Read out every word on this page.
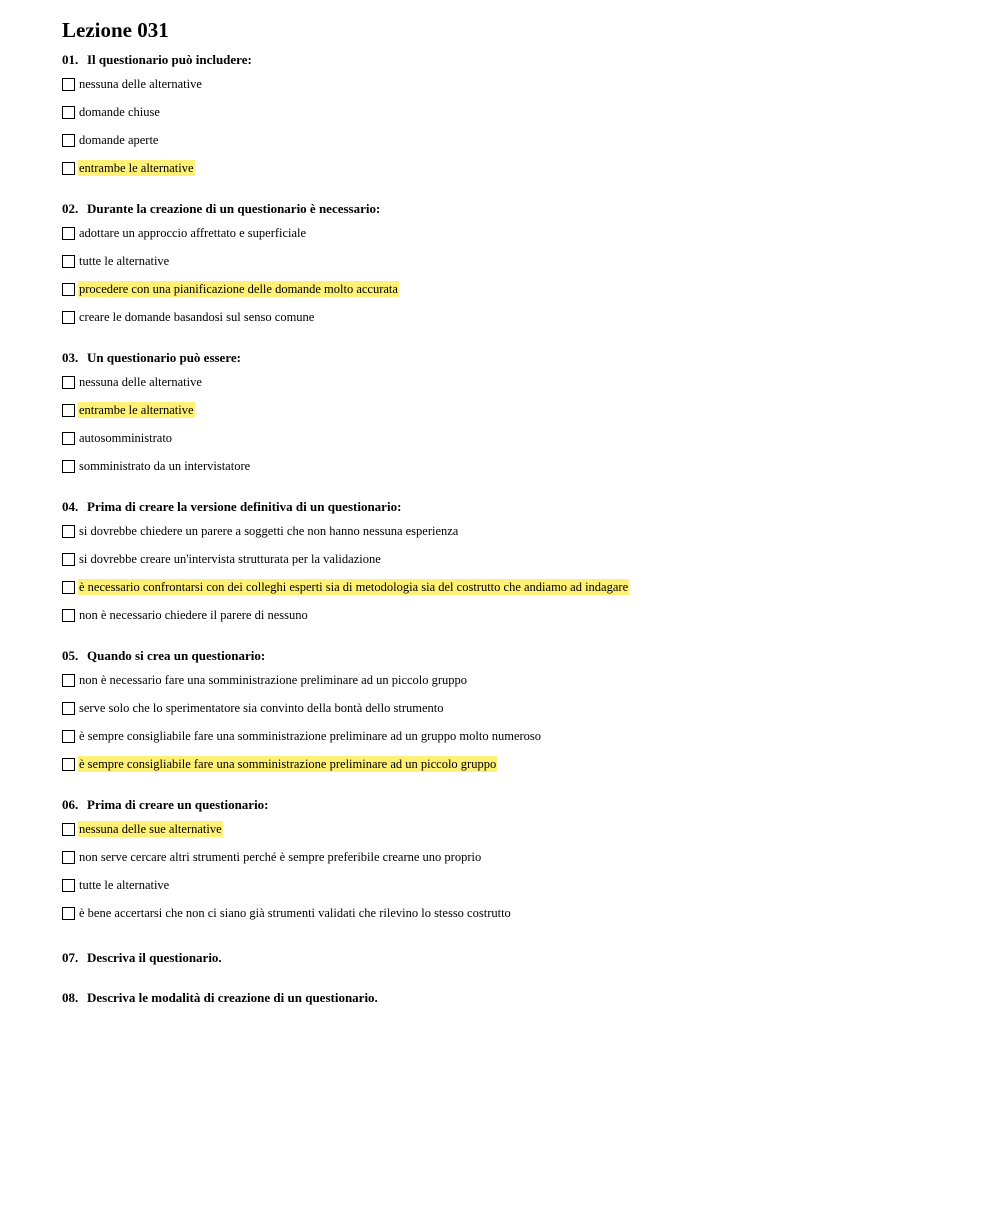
Lezione 031
01. Il questionario può includere:
nessuna delle alternative
domande chiuse
domande aperte
entrambe le alternative
02. Durante la creazione di un questionario è necessario:
adottare un approccio affrettato e superficiale
tutte le alternative
procedere con una pianificazione delle domande molto accurata
creare le domande basandosi sul senso comune
03. Un questionario può essere:
nessuna delle alternative
entrambe le alternative
autosomministrato
somministrato da un intervistatore
04. Prima di creare la versione definitiva di un questionario:
si dovrebbe chiedere un parere a soggetti che non hanno nessuna esperienza
si dovrebbe creare un'intervista strutturata per la validazione
è necessario confrontarsi con dei colleghi esperti sia di metodologia sia del costrutto che andiamo ad indagare
non è necessario chiedere il parere di nessuno
05. Quando si crea un questionario:
non è necessario fare una somministrazione preliminare ad un piccolo gruppo
serve solo che lo sperimentatore sia convinto della bontà dello strumento
è sempre consigliabile fare una somministrazione preliminare ad un gruppo molto numeroso
è sempre consigliabile fare una somministrazione preliminare ad un piccolo gruppo
06. Prima di creare un questionario:
nessuna delle sue alternative
non serve cercare altri strumenti perché è sempre preferibile crearne uno proprio
tutte le alternative
è bene accertarsi che non ci siano già strumenti validati che rilevino lo stesso costrutto
07. Descriva il questionario.
08. Descriva le modalità di creazione di un questionario.
